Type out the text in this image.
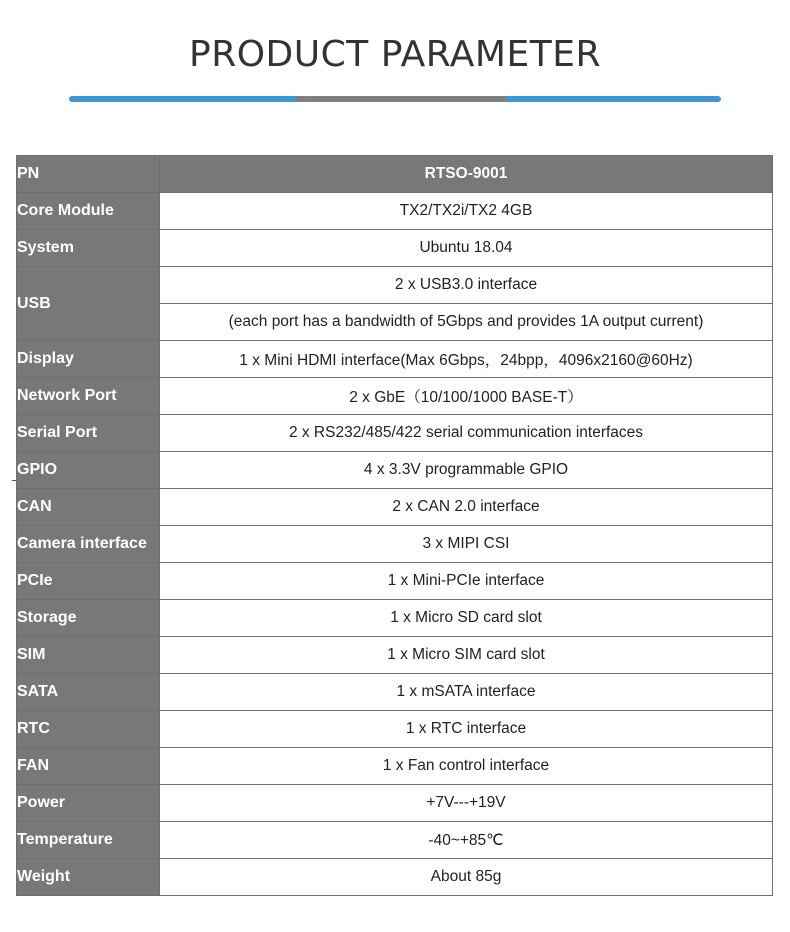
PRODUCT PARAMETER
PN	RTSO-9001
Core Module	TX2/TX2i/TX2 4GB
System	Ubuntu 18.04
USB	2 x USB3.0 interface
	(each port has a bandwidth of 5Gbps and provides 1A output current)
Display	1 x Mini HDMI interface(Max 6Gbps，24bpp，4096x2160@60Hz)
Network Port	2 x GbE（10/100/1000 BASE-T）
Serial Port	2 x RS232/485/422 serial communication interfaces
GPIO	4 x 3.3V programmable GPIO
CAN	2 x CAN 2.0 interface
Camera interface	3 x MIPI CSI
PCIe	1 x Mini-PCIe interface
Storage	1 x Micro SD card slot
SIM	1 x Micro SIM card slot
SATA	1 x mSATA interface
RTC	1 x RTC interface
FAN	1 x Fan control interface
Power	+7V---+19V
Temperature	-40~+85℃
Weight	About 85g
